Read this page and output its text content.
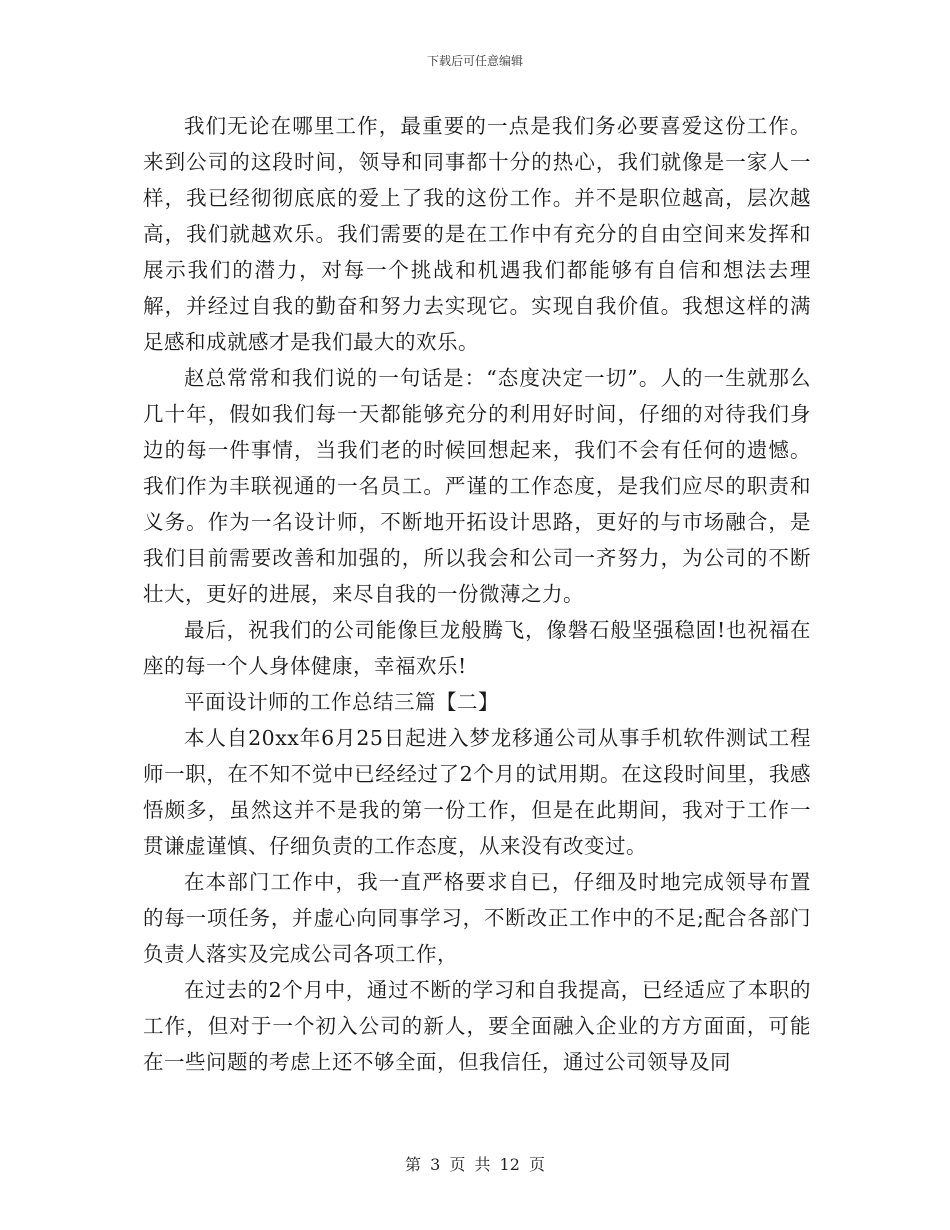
下载后可任意编辑

我们无论在哪里工作，最重要的一点是我们务必要喜爱这份工作。来到公司的这段时间，领导和同事都十分的热心，我们就像是一家人一样，我已经彻彻底底的爱上了我的这份工作。并不是职位越高，层次越高，我们就越欢乐。我们需要的是在工作中有充分的自由空间来发挥和展示我们的潜力，对每一个挑战和机遇我们都能够有自信和想法去理解，并经过自我的勤奋和努力去实现它。实现自我价值。我想这样的满足感和成就感才是我们最大的欢乐。

赵总常常和我们说的一句话是：“态度决定一切”。人的一生就那么几十年，假如我们每一天都能够充分的利用好时间，仔细的对待我们身边的每一件事情，当我们老的时候回想起来，我们不会有任何的遗憾。我们作为丰联视通的一名员工。严谨的工作态度，是我们应尽的职责和义务。作为一名设计师，不断地开拓设计思路，更好的与市场融合，是我们目前需要改善和加强的，所以我会和公司一齐努力，为公司的不断壮大，更好的进展，来尽自我的一份微薄之力。

最后，祝我们的公司能像巨龙般腾飞，像磐石般坚强稳固!也祝福在座的每一个人身体健康，幸福欢乐!

平面设计师的工作总结三篇【二】

本人自20xx年6月25日起进入梦龙移通公司从事手机软件测试工程师一职，在不知不觉中已经经过了2个月的试用期。在这段时间里，我感悟颇多，虽然这并不是我的第一份工作，但是在此期间，我对于工作一贯谦虚谨慎、仔细负责的工作态度，从来没有改变过。

在本部门工作中，我一直严格要求自已，仔细及时地完成领导布置的每一项任务，并虚心向同事学习，不断改正工作中的不足;配合各部门负责人落实及完成公司各项工作，

在过去的2个月中，通过不断的学习和自我提高，已经适应了本职的工作，但对于一个初入公司的新人，要全面融入企业的方方面面，可能在一些问题的考虑上还不够全面，但我信任，通过公司领导及同

第 3 页 共 12 页
